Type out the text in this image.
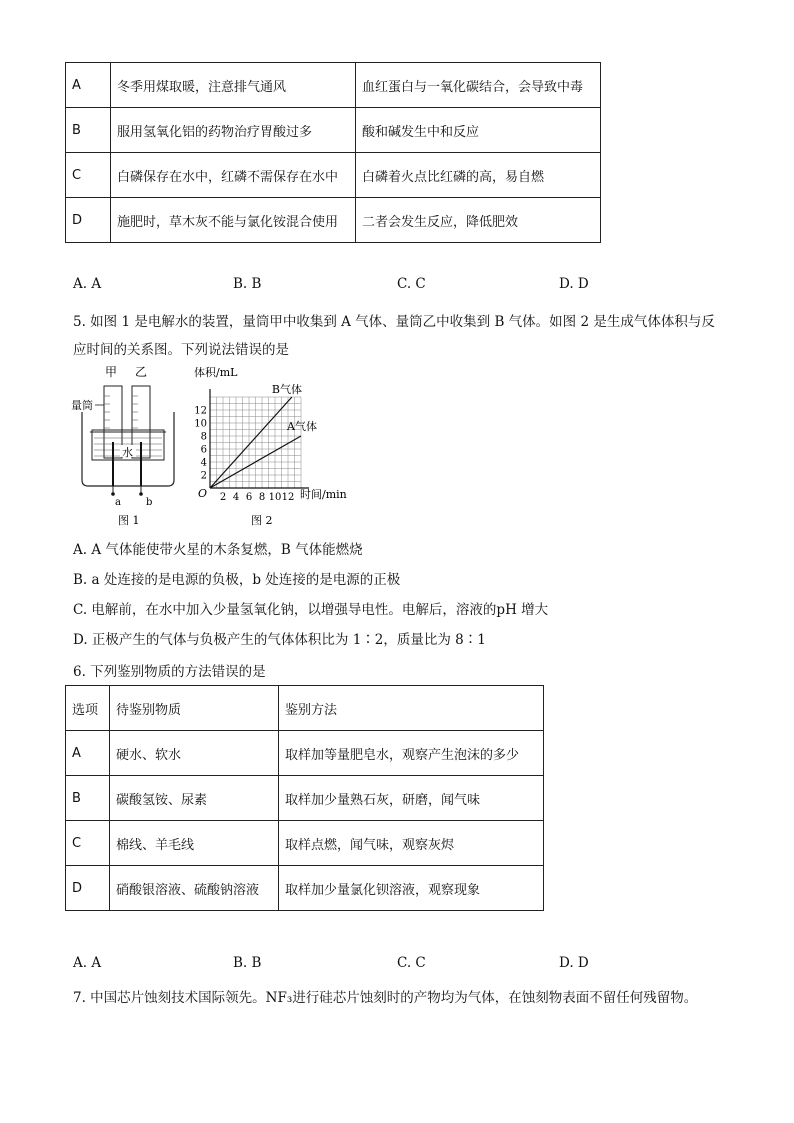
A	冬季用煤取暖，注意排气通风	血红蛋白与一氧化碳结合，会导致中毒
B	服用氢氧化铝的药物治疗胃酸过多	酸和碱发生中和反应
C	白磷保存在水中，红磷不需保存在水中	白磷着火点比红磷的高，易自燃
D	施肥时，草木灰不能与氯化铵混合使用	二者会发生反应，降低肥效
A. A	B. B	C. C	D. D
5. 如图 1 是电解水的装置，量筒甲中收集到 A 气体、量筒乙中收集到 B 气体。如图 2 是生成气体体积与反
应时间的关系图。下列说法错误的是
甲 乙
量筒
水
a	b
图 1
体积/mL
时间/min
O
图 2
2
4
6
8
10
12
2 4 6 8 10 12
B气体
A气体
A. A 气体能使带火星的木条复燃，B 气体能燃烧
B. a 处连接的是电源的负极，b 处连接的是电源的正极
C. 电解前，在水中加入少量氢氧化钠，以增强导电性。电解后，溶液的pH 增大
D. 正极产生的气体与负极产生的气体体积比为 1∶2，质量比为 8∶1
6. 下列鉴别物质的方法错误的是
选项	待鉴别物质	鉴别方法
A	硬水、软水	取样加等量肥皂水，观察产生泡沫的多少
B	碳酸氢铵、尿素	取样加少量熟石灰，研磨，闻气味
C	棉线、羊毛线	取样点燃，闻气味，观察灰烬
D	硝酸银溶液、硫酸钠溶液	取样加少量氯化钡溶液，观察现象
A. A	B. B	C. C	D. D
7. 中国芯片蚀刻技术国际领先。NF₃进行硅芯片蚀刻时的产物均为气体，在蚀刻物表面不留任何残留物。
